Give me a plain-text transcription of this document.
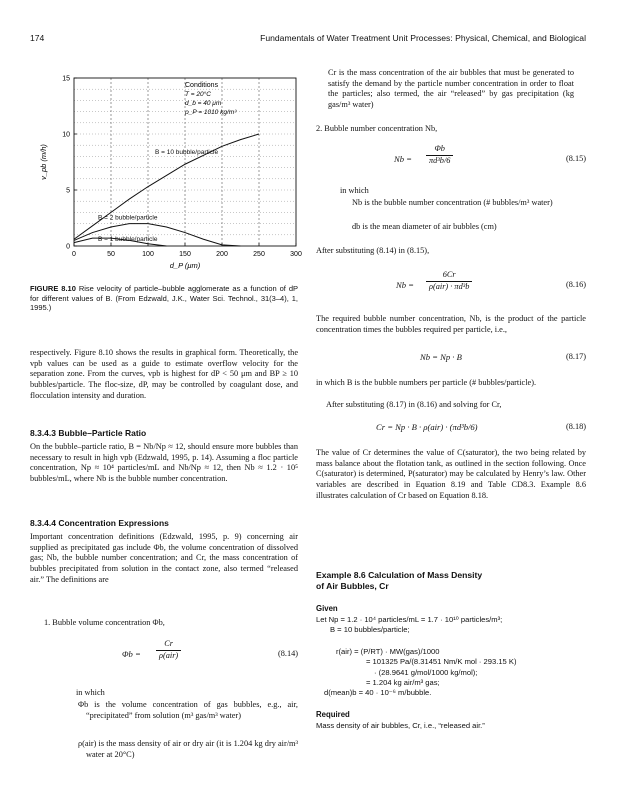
174	Fundamentals of Water Treatment Unit Processes: Physical, Chemical, and Biological
0	50	100	150	200	250	300
0
5
10
15
d_P (μm)
v_pb (m/h)
Conditions
T = 20°C
d_b = 40 μm
ρ_P = 1010 kg/m³
B = 10 bubble/particle
B = 2 bubble/particle
B = 1 bubble/particle
FIGURE 8.10 Rise velocity of particle–bubble agglomerate as a function of dP for different values of B. (From Edzwald, J.K., Water Sci. Technol., 31(3–4), 1, 1995.)

respectively. Figure 8.10 shows the results in graphical form. Theoretically, the vpb values can be used as a guide to estimate overflow velocity for the separation zone. From the curves, vpb is highest for dP < 50 μm and BP ≥ 10 bubbles/particle. The floc-size, dP, may be controlled by coagulant dose, and flocculation intensity and duration.

8.3.4.3 Bubble–Particle Ratio

On the bubble–particle ratio, B = Nb/Np ≈ 12, should ensure more bubbles than necessary to result in high vpb (Edzwald, 1995, p. 14). Assuming a floc particle concentration, Np ≈ 10⁴ particles/mL and Nb/Np ≈ 12, then Nb ≈ 1.2 · 10⁵ bubbles/mL, where Nb is the bubble number concentration.

8.3.4.4 Concentration Expressions

Important concentration definitions (Edzwald, 1995, p. 9) concerning air supplied as precipitated gas include Φb, the volume concentration of dissolved gas; Nb, the bubble number concentration; and Cr, the mass concentration of bubbles precipitated from solution in the contact zone, also termed “released air.” The definitions are

1. Bubble volume concentration Φb,
Φb =
Cr
ρ(air)	(8.14)
in which

Φb is the volume concentration of gas bubbles, e.g., air, “precipitated” from solution (m³ gas/m³ water)

ρ(air) is the mass density of air or dry air (it is 1.204 kg dry air/m³ water at 20°C)

Cr is the mass concentration of the air bubbles that must be generated to satisfy the demand by the particle number concentration in order to float the particles; also termed, the air “released” by gas precipitation (kg gas/m³ water)

2. Bubble number concentration Nb,
$Nb = \frac{\Phi b}{\text{πd³b/6}}$	(8.15)
in which

Nb is the bubble number concentration (# bubbles/m³ water)

db is the mean diameter of air bubbles (cm)

After substituting (8.14) in (8.15),
Nb =
6Cr
ρ(air) · πd³b	(8.16)

The required bubble number concentration, Nb, is the product of the particle concentration times the bubbles required per particle, i.e.,

Nb = Np · B	(8.17)

in which B is the bubble numbers per particle (# bubbles/particle).

After substituting (8.17) in (8.16) and solving for Cr,

Cr = Np · B · ρ(air) · (πd³b/6)	(8.18)

The value of Cr determines the value of C(saturator), the two being related by mass balance about the flotation tank, as outlined in the section following. Once C(saturator) is determined, P(saturator) may be calculated by Henry’s law. Other variables are described in Equation 8.19 and Table CD8.3. Example 8.6 illustrates calculation of Cr based on Equation 8.18.

Example 8.6 Calculation of Mass Density
of Air Bubbles, Cr
Given
Let Np = 1.2 · 10⁴ particles/mL = 1.7 · 10¹⁰ particles/m³;
B = 10 bubbles/particle;
r(air) = (P/RT) · MW(gas)/1000
= 101325 Pa/(8.31451 Nm/K mol · 293.15 K)
· (28.9641 g/mol/1000 kg/mol);
= 1.204 kg air/m³ gas;
d(mean)b = 40 · 10⁻⁶ m/bubble.
Required
Mass density of air bubbles, Cr, i.e., “released air.”
